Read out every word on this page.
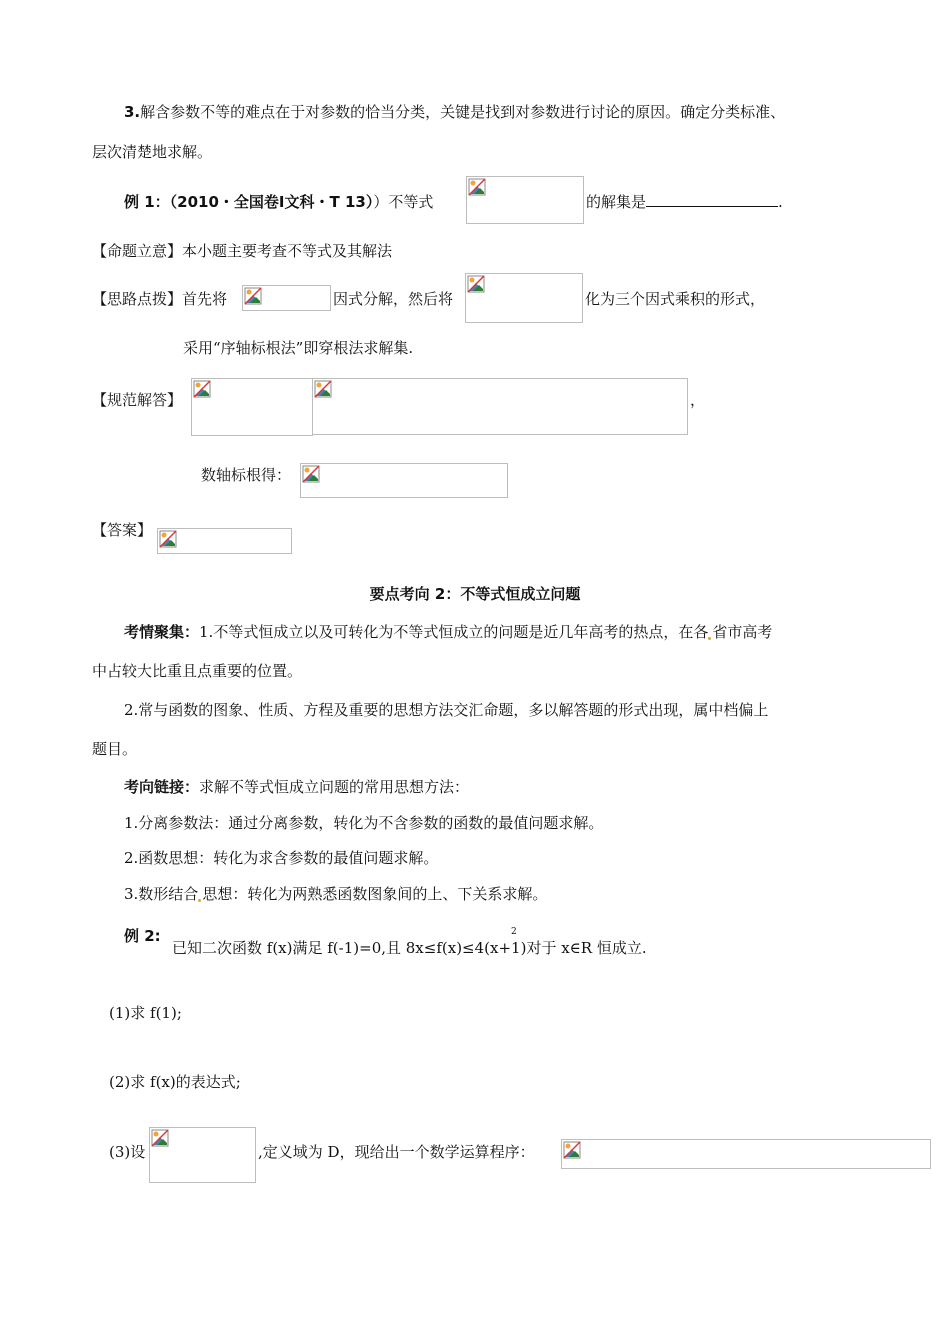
3.解含参数不等的难点在于对参数的恰当分类，关键是找到对参数进行讨论的原因。确定分类标准、
层次清楚地求解。
例 1：（2010・全国卷Ⅰ文科・T 13））不等式	的解集是	.
【命题立意】本小题主要考查不等式及其解法
【思路点拨】首先将	因式分解，然后将	化为三个因式乘积的形式，
采用“序轴标根法”即穿根法求解集.
【规范解答】	，
数轴标根得：
【答案】
要点考向 2：不等式恒成立问题
考情聚集：1.不等式恒成立以及可转化为不等式恒成立的问题是近几年高考的热点，在各 省市高考
中占较大比重且点重要的位置。
2.常与函数的图象、性质、方程及重要的思想方法交汇命题，多以解答题的形式出现，属中档偏上
题目。
考向链接：求解不等式恒成立问题的常用思想方法：
1.分离参数法：通过分离参数，转化为不含参数的函数的最值问题求解。
2.函数思想：转化为求含参数的最值问题求解。
3.数形结合 思想：转化为两熟悉函数图象间的上、下关系求解。
例 2:
已知二次函数 f(x)满足 f(-1)=0,且 8x≤f(x)≤4(x+1)对于 x∈R 恒成立.
2
(1)求 f(1);
(2)求 f(x)的表达式;
(3)设	,定义域为 D，现给出一个数学运算程序：
